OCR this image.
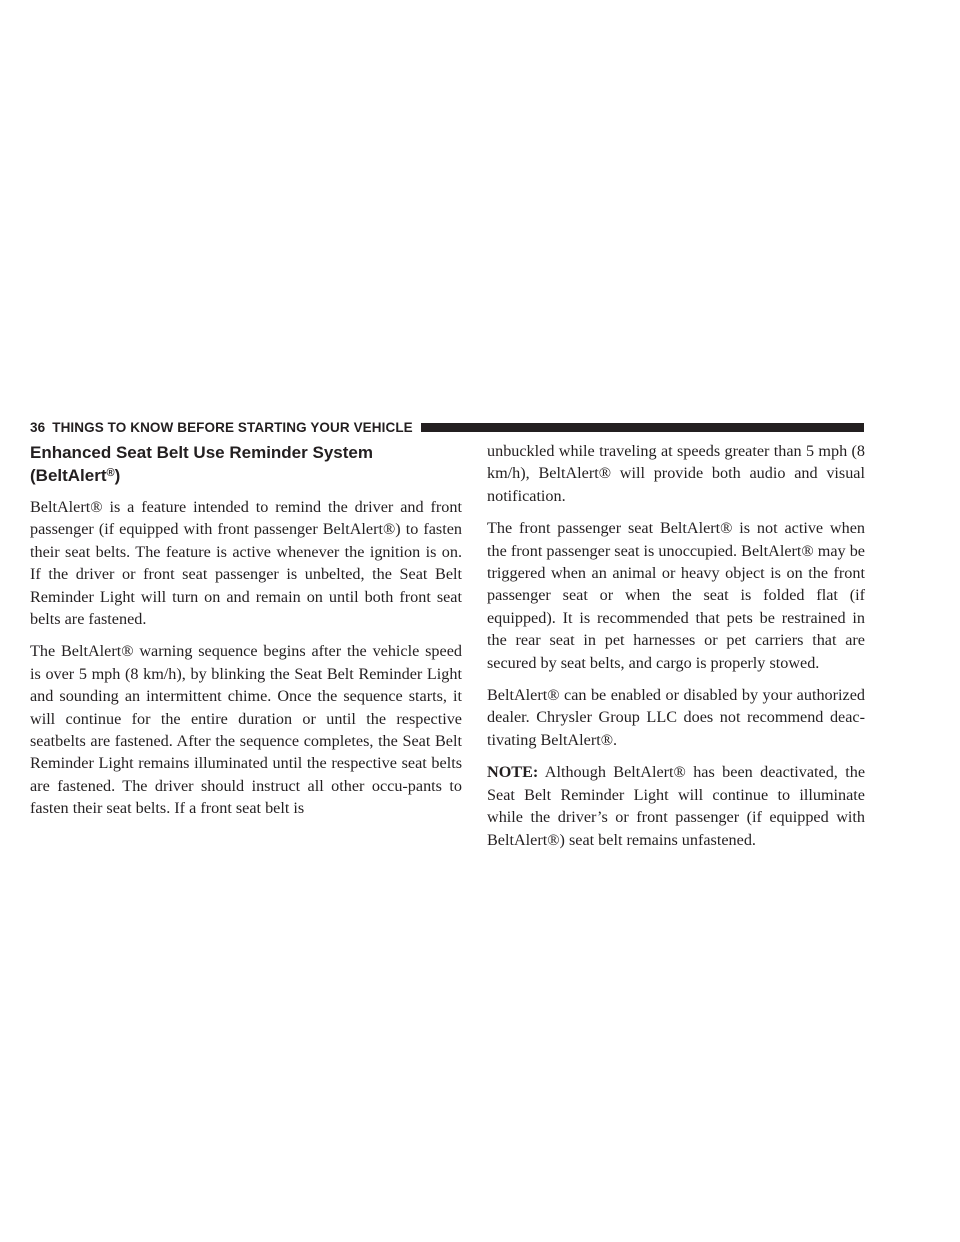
36 THINGS TO KNOW BEFORE STARTING YOUR VEHICLE
Enhanced Seat Belt Use Reminder System
(BeltAlert®)

BeltAlert® is a feature intended to remind the driver and front passenger (if equipped with front passenger BeltAlert®) to fasten their seat belts. The feature is active whenever the ignition is on. If the driver or front seat passenger is unbelted, the Seat Belt Reminder Light will turn on and remain on until both front seat belts are fastened.

The BeltAlert® warning sequence begins after the vehicle speed is over 5 mph (8 km/h), by blinking the Seat Belt Reminder Light and sounding an intermittent chime. Once the sequence starts, it will continue for the entire duration or until the respective seatbelts are fastened. After the sequence completes, the Seat Belt Reminder Light remains illuminated until the respective seat belts are fastened. The driver should instruct all other occu-pants to fasten their seat belts. If a front seat belt is

unbuckled while traveling at speeds greater than 5 mph (8 km/h), BeltAlert® will provide both audio and visual notification.

The front passenger seat BeltAlert® is not active when the front passenger seat is unoccupied. BeltAlert® may be triggered when an animal or heavy object is on the front passenger seat or when the seat is folded flat (if equipped). It is recommended that pets be restrained in the rear seat in pet harnesses or pet carriers that are secured by seat belts, and cargo is properly stowed.

BeltAlert® can be enabled or disabled by your authorized dealer. Chrysler Group LLC does not recommend deac-tivating BeltAlert®.

NOTE: Although BeltAlert® has been deactivated, the Seat Belt Reminder Light will continue to illuminate while the driver’s or front passenger (if equipped with BeltAlert®) seat belt remains unfastened.
